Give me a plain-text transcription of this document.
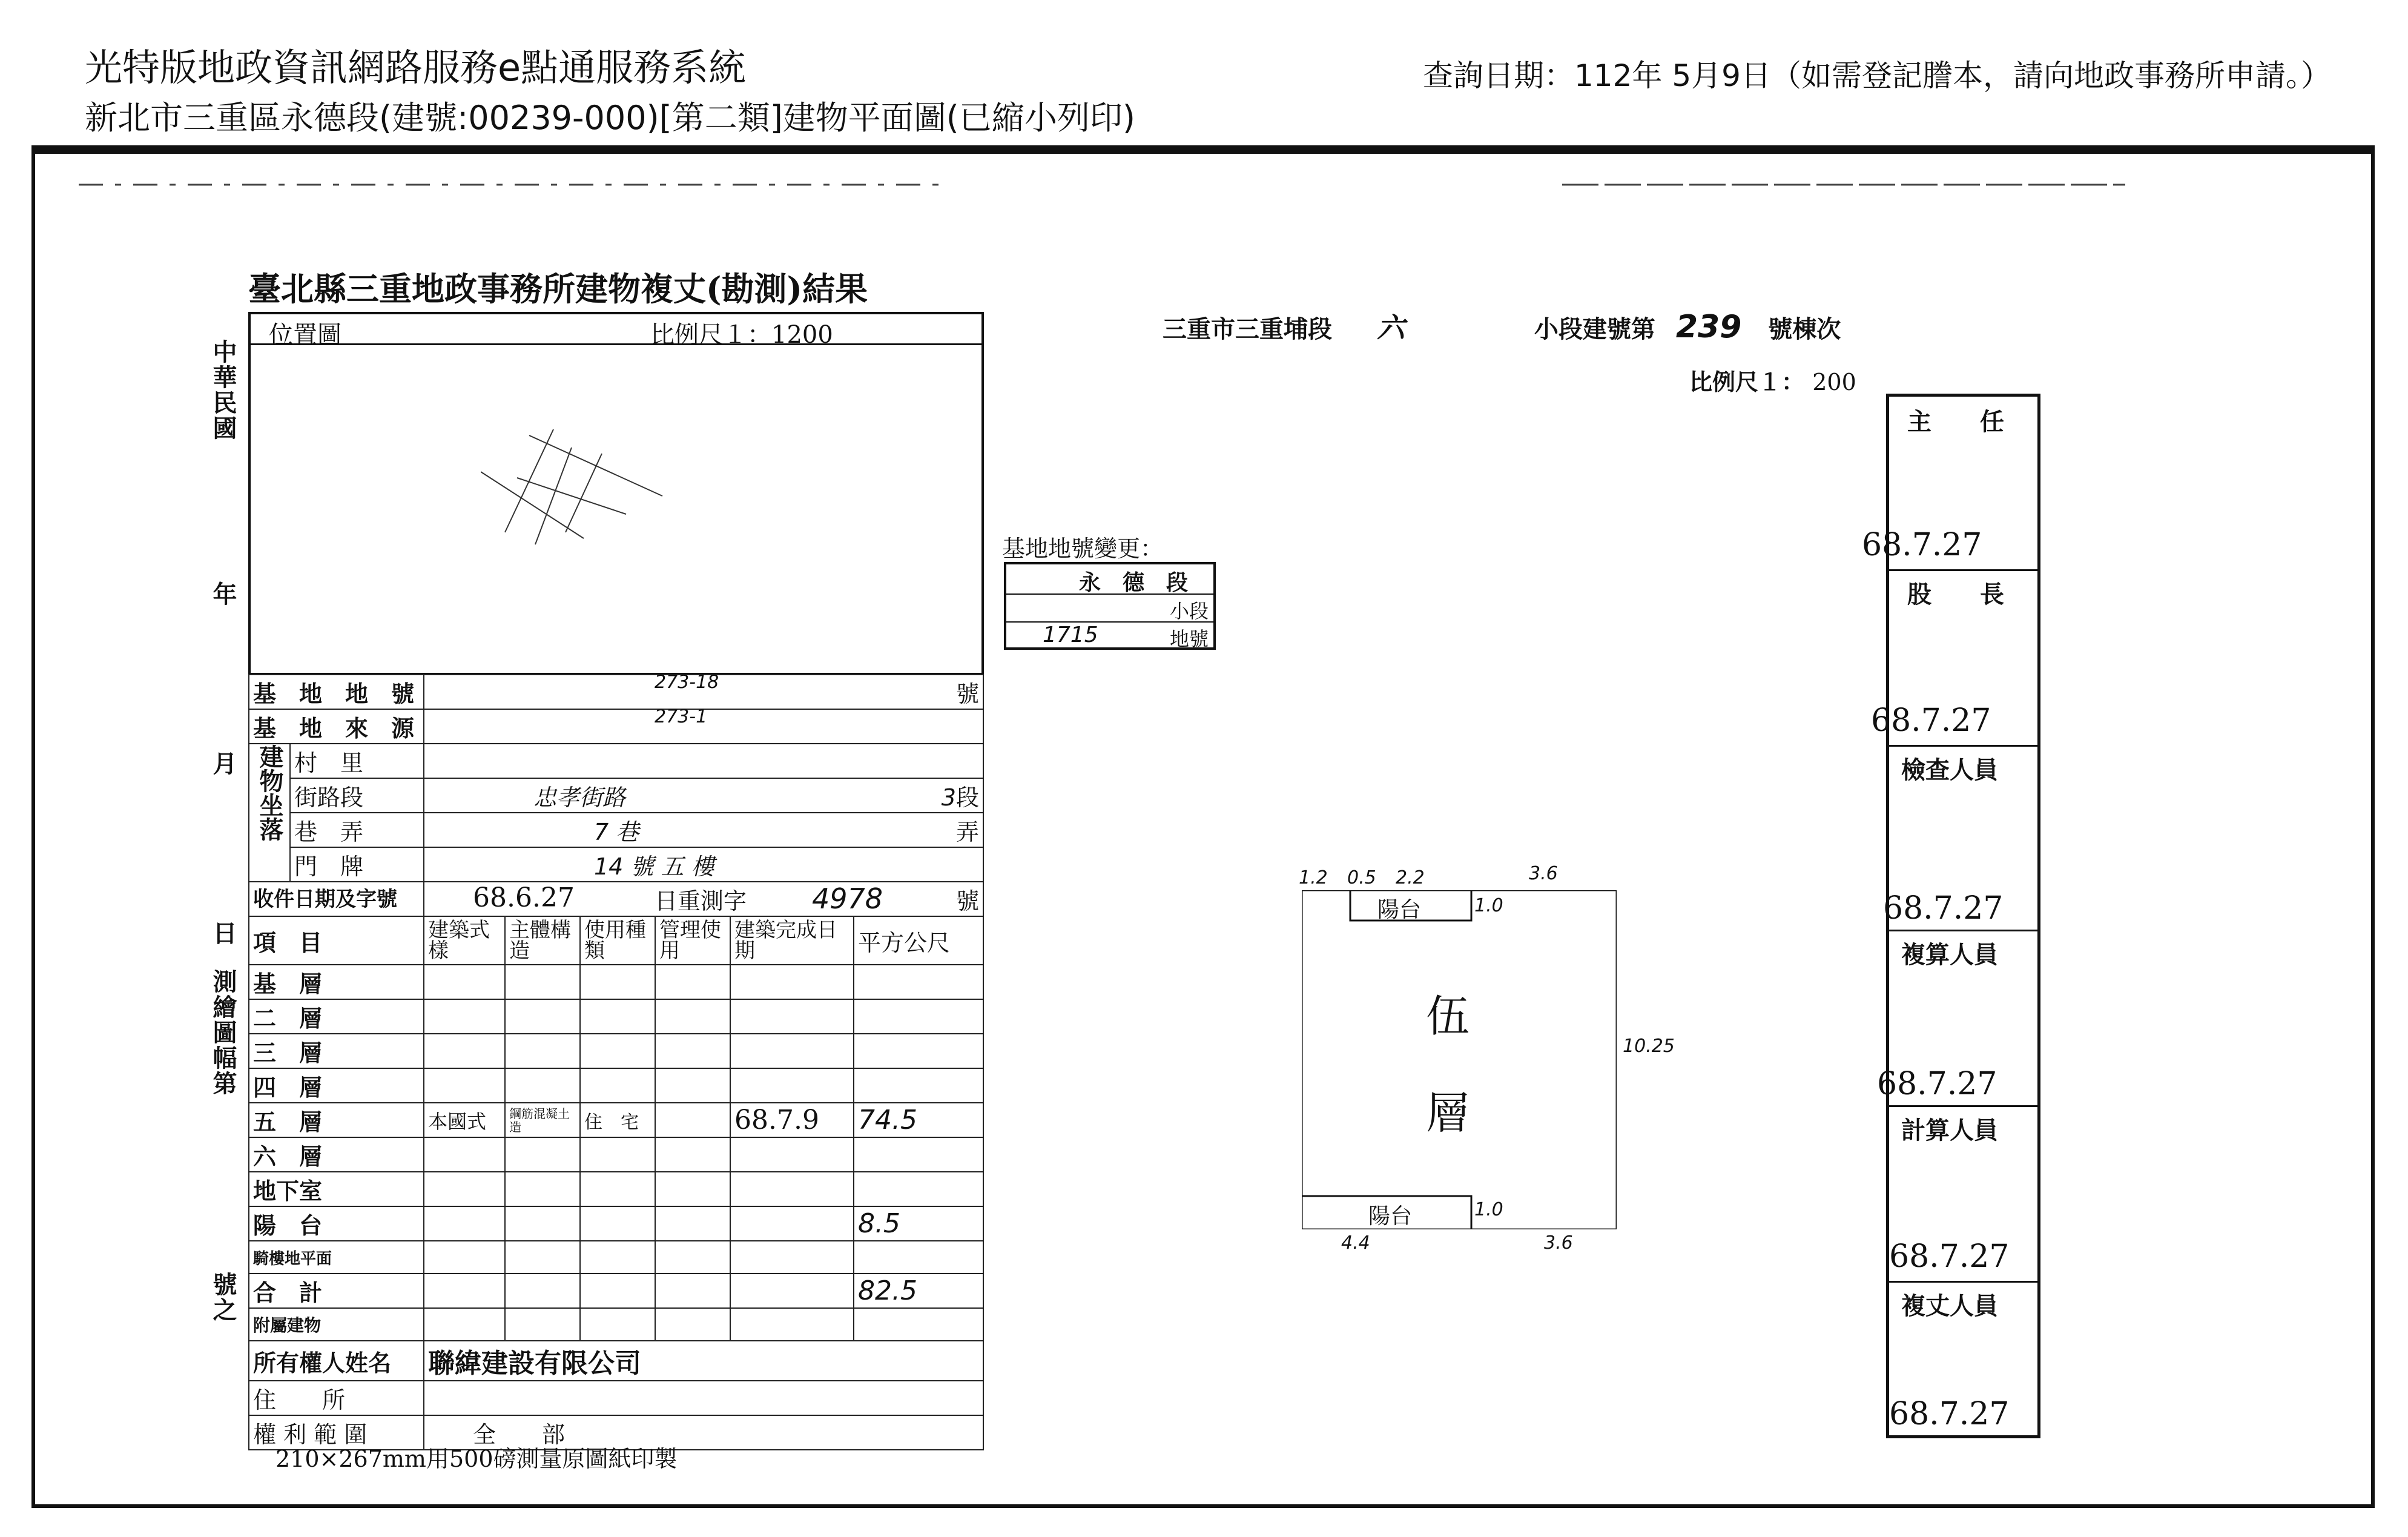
光特版地政資訊網路服務e點通服務系統
新北市三重區永德段(建號:00239-000)[第二類]建物平面圖(已縮小列印)
查詢日期：112年 5月9日（如需登記謄本，請向地政事務所申請。）
臺北縣三重地政事務所建物複丈(勘測)結果
中華民國
年
月
日
測繪圖幅第
號之
位置圖	比例尺１：1200
基　地　地　號		273-18 號					

基　地　來　源		273-1					

建物坐落	村　里						
	街路段	忠孝街路 3段					

	巷　弄	7 巷 弄					

	門　牌	14 號 五 樓					

收件日期及字號		68.6.27 日重測字 4978 號					

項　目		建築式樣	主體構造	使用種類	管理使用	建築完成日期	平方公尺
基　層							
二　層							
三　層							
四　層							
五　層		本國式	鋼筋混凝土造	住　宅		68.7.9	74.5
六　層							
地下室							
陽　台							8.5
騎樓地平面							
合　計							82.5
附屬建物							
所有權人姓名		聯緯建設有限公司					
住　　所							
權 利 範 圍		全　　部					
210×267mm用500磅測量原圖紙印製
三重市三重埔段 六	小段建號第 239 號棟次
比例尺１： 200
基地地號變更：
永　德　段
小段
1715	地號
陽台
陽台
伍
層
1.0
1.0
1.2 0.5 2.2	3.6
10.25
4.4	3.6
主　　任
68.7.27
股　　長
68.7.27
檢查人員
68.7.27
複算人員
68.7.27
計算人員
68.7.27
複丈人員
68.7.27
